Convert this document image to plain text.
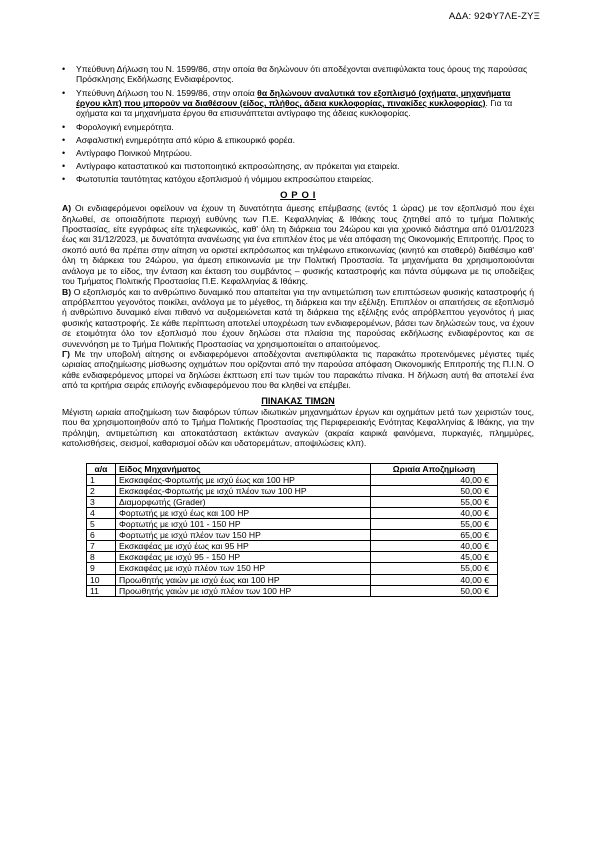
ΑΔΑ: 92ΦΥ7ΛΕ-ΖΥΞ
• Υπεύθυνη Δήλωση του Ν. 1599/86, στην οποία θα δηλώνουν ότι αποδέχονται ανεπιφύλακτα τους όρους της παρούσας Πρόσκλησης Εκδήλωσης Ενδιαφέροντος.
• Υπεύθυνη Δήλωση του Ν. 1599/86, στην οποία θα δηλώνουν αναλυτικά τον εξοπλισμό (οχήματα, μηχανήματα έργου κλπ) που μπορούν να διαθέσουν (είδος, πλήθος, άδεια κυκλοφορίας, πινακίδες κυκλοφορίας). Για τα οχήματα και τα μηχανήματα έργου θα επισυνάπτεται αντίγραφο της άδειας κυκλοφορίας.
• Φορολογική ενημερότητα.
• Ασφαλιστική ενημερότητα από κύριο & επικουρικό φορέα.
• Αντίγραφο Ποινικού Μητρώου.
• Αντίγραφο καταστατικού και πιστοποιητικό εκπροσώπησης, αν πρόκειται για εταιρεία.
• Φωτοτυπία ταυτότητας κατόχου εξοπλισμού ή νόμιμου εκπροσώπου εταιρείας.
Ο Ρ Ο Ι

Α) Οι ενδιαφερόμενοι οφείλουν να έχουν τη δυνατότητα άμεσης επέμβασης (εντός 1 ώρας) με τον εξοπλισμό που έχει δηλωθεί, σε οποιαδήποτε περιοχή ευθύνης των Π.Ε. Κεφαλληνίας & Ιθάκης τους ζητηθεί από το τμήμα Πολιτικής Προστασίας, είτε εγγράφως είτε τηλεφωνικώς, καθ' όλη τη διάρκεια του 24ώρου και για χρονικό διάστημα από 01/01/2023 έως και 31/12/2023, με δυνατότητα ανανέωσης για ένα επιπλέον έτος με νέα απόφαση της Οικονομικής Επιτροπής. Προς το σκοπό αυτό θα πρέπει στην αίτηση να οριστεί εκπρόσωπος και τηλέφωνο επικοινωνίας (κινητό και σταθερό) διαθέσιμο καθ' όλη τη διάρκεια του 24ώρου, για άμεση επικοινωνία με την Πολιτική Προστασία. Τα μηχανήματα θα χρησιμοποιούνται ανάλογα με το είδος, την ένταση και έκταση του συμβάντος – φυσικής καταστροφής και πάντα σύμφωνα με τις υποδείξεις του Τμήματος Πολιτικής Προστασίας Π.Ε. Κεφαλληνίας & Ιθάκης.

Β) Ο εξοπλισμός και το ανθρώπινο δυναμικό που απαιτείται για την αντιμετώπιση των επιπτώσεων φυσικής καταστροφής ή απρόβλεπτου γεγονότος ποικίλει, ανάλογα με το μέγεθος, τη διάρκεια και την εξέλιξη. Επιπλέον οι απαιτήσεις σε εξοπλισμό ή ανθρώπινο δυναμικό είναι πιθανό να αυξομειώνεται κατά τη διάρκεια της εξέλιξης ενός απρόβλεπτου γεγονότος ή μιας φυσικής καταστροφής. Σε κάθε περίπτωση αποτελεί υποχρέωση των ενδιαφερομένων, βάσει των δηλώσεών τους, να έχουν σε ετοιμότητα όλο τον εξοπλισμό που έχουν δηλώσει στα πλαίσια της παρούσας εκδήλωσης ενδιαφέροντος και σε συνεννόηση με το Τμήμα Πολιτικής Προστασίας να χρησιμοποιείται ο απαιτούμενος.

Γ) Με την υποβολή αίτησης οι ενδιαφερόμενοι αποδέχονται ανεπιφύλακτα τις παρακάτω προτεινόμενες μέγιστες τιμές ωριαίας αποζημίωσης μίσθωσης οχημάτων που ορίζονται από την παρούσα απόφαση Οικονομικής Επιτροπής της Π.Ι.Ν. Ο κάθε ενδιαφερόμενος μπορεί να δηλώσει έκπτωση επί των τιμών του παρακάτω πίνακα. Η δήλωση αυτή θα αποτελεί ένα από τα κριτήρια σειράς επιλογής ενδιαφερόμενου που θα κληθεί να επέμβει.

ΠΙΝΑΚΑΣ ΤΙΜΩΝ

Μέγιστη ωριαία αποζημίωση των διαφόρων τύπων ιδιωτικών μηχανημάτων έργων και οχημάτων μετά των χειριστών τους, που θα χρησιμοποιηθούν από το Τμήμα Πολιτικής Προστασίας της Περιφερειακής Ενότητας Κεφαλληνίας & Ιθάκης, για την πρόληψη, αντιμετώπιση και αποκατάσταση εκτάκτων αναγκών (ακραία καιρικά φαινόμενα, πυρκαγιές, πλημμύρες, κατολισθήσεις, σεισμοί, καθαρισμοί οδών και υδατορεμάτων, αποψιλώσεις κλπ).

α/α	Είδος Μηχανήματος	Ωριαία Αποζημίωση
1	Εκσκαφέας-Φορτωτής με ισχύ έως και 100 HP	40,00 €
2	Εκσκαφέας-Φορτωτής με ισχύ πλέον των 100 HP	50,00 €
3	Διαμορφωτής (Grader)	55,00 €
4	Φορτωτής με ισχύ έως και 100 HP	40,00 €
5	Φορτωτής με ισχύ 101 - 150 HP	55,00 €
6	Φορτωτής με ισχύ πλέον των 150 HP	65,00 €
7	Εκσκαφέας με ισχύ έως και 95 HP	40,00 €
8	Εκσκαφέας με ισχύ 95 - 150 HP	45,00 €
9	Εκσκαφέας με ισχύ πλέον των 150 HP	55,00 €
10	Προωθητής γαιών με ισχύ έως και 100 HP	40,00 €
11	Προωθητής γαιών με ισχύ πλέον των 100 HP	50,00 €
